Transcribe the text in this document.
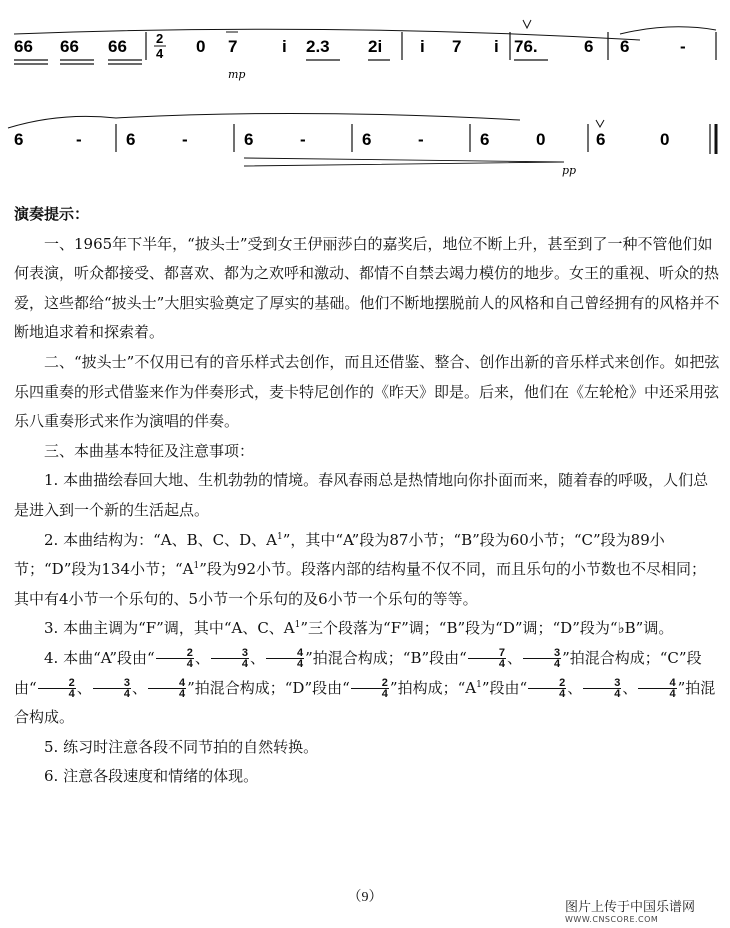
66 66 66 2
4 0 7
mp
i 2.3 2i i 7 i 76.	6 6	-
6	-	6	-	6	-	6	-	6	0	6	0
pp

演奏提示：

一、1965年下半年，“披头士”受到女王伊丽莎白的嘉奖后，地位不断上升，甚至到了一种不管他们如何表演，听众都接受、都喜欢、都为之欢呼和激动、都情不自禁去竭力模仿的地步。女王的重视、听众的热爱，这些都给“披头士”大胆实验奠定了厚实的基础。他们不断地摆脱前人的风格和自己曾经拥有的风格并不断地追求着和探索着。

二、“披头士”不仅用已有的音乐样式去创作，而且还借鉴、整合、创作出新的音乐样式来创作。如把弦乐四重奏的形式借鉴来作为伴奏形式，麦卡特尼创作的《昨天》即是。后来，他们在《左轮枪》中还采用弦乐八重奏形式来作为演唱的伴奏。

三、本曲基本特征及注意事项：

1. 本曲描绘春回大地、生机勃勃的情境。春风春雨总是热情地向你扑面而来，随着春的呼吸，人们总是进入到一个新的生活起点。

2. 本曲结构为：“A、B、C、D、$A^1$”，其中“A”段为87小节；“B”段为60小节；“C”段为89小节；“D”段为134小节；“$A^1$”段为92小节。段落内部的结构量不仅不同，而且乐句的小节数也不尽相同；其中有4小节一个乐句的、5小节一个乐句的及6小节一个乐句的等等。

3. 本曲主调为“F”调，其中“A、C、$A^1$”三个段落为“F”调；“B”段为“D”调；“D”段为“♭B”调。

4. 本曲“A”段由“ $\frac{2}{4}$ 、 $\frac{3}{4}$ 、 $\frac{4}{4}$ ”拍混合构成；“B”段由“ $\frac{7}{4}$ 、 $\frac{3}{4}$ ”拍混合构成；“C”段由“ $\frac{2}{4}$ 、 $\frac{3}{4}$ 、 $\frac{4}{4}$ ”拍混合构成；“D”段由“ $\frac{2}{4}$ ”拍构成；“$A^1$”段由“ $\frac{2}{4}$ 、 $\frac{3}{4}$ 、 $\frac{4}{4}$ ”拍混合构成。

5. 练习时注意各段不同节拍的自然转换。

6. 注意各段速度和情绪的体现。

（9）
图片上传于中国乐谱网
WWW.CNSCORE.COM
